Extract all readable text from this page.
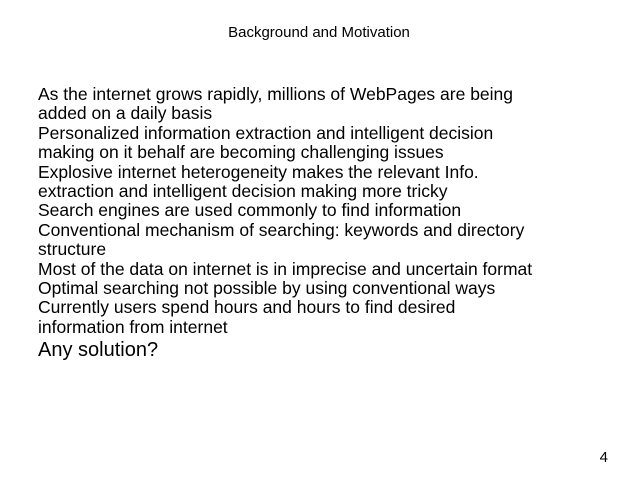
Background and Motivation
As the internet grows rapidly, millions of WebPages are being
added on a daily basis
Personalized information extraction and intelligent decision
making on it behalf are becoming challenging issues
Explosive internet heterogeneity makes the relevant Info.
extraction and intelligent decision making more tricky
Search engines are used commonly to find information
Conventional mechanism of searching: keywords and directory
structure
Most of the data on internet is in imprecise and uncertain format
Optimal searching not possible by using conventional ways
Currently users spend hours and hours to find desired
information from internet
Any solution?
4
